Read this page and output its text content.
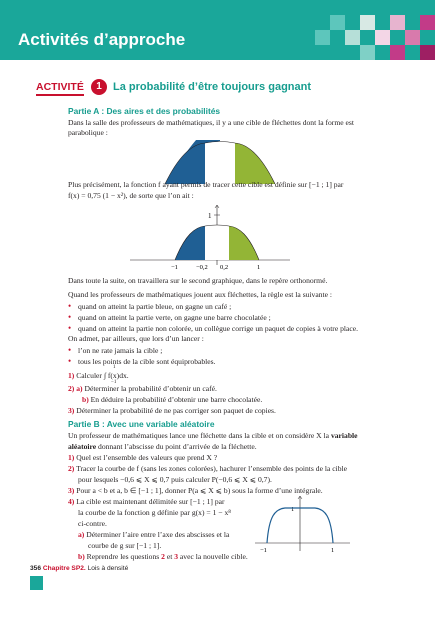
Activités d’approche
ACTIVITÉ	1	La probabilité d’être toujours gagnant
Partie A : Des aires et des probabilités
Dans la salle des professeurs de mathématiques, il y a une cible de fléchettes dont la forme est
parabolique :
Plus précisément, la fonction f ayant permis de tracer cette cible est définie sur [−1 ; 1] par
f(x) = 0,75 (1 − x²), de sorte que l’on ait :
1
−1	−0,2 0,2	1
Dans toute la suite, on travaillera sur le second graphique, dans le repère orthonormé.
Quand les professeurs de mathématiques jouent aux fléchettes, la règle est la suivante :
• quand on atteint la partie bleue, on gagne un café ;
• quand on atteint la partie verte, on gagne une barre chocolatée ;
• quand on atteint la partie non colorée, un collègue corrige un paquet de copies à votre place.
On admet, par ailleurs, que lors d’un lancer :
• l’on ne rate jamais la cible ;
• tous les points de la cible sont équiprobables.
1) Calculer ∫ f(x)dx.
1
−1
2) a) Déterminer la probabilité d’obtenir un café.
b) En déduire la probabilité d’obtenir une barre chocolatée.
3) Déterminer la probabilité de ne pas corriger son paquet de copies.
Partie B : Avec une variable aléatoire
Un professeur de mathématiques lance une fléchette dans la cible et on considère X la variable
aléatoire donnant l’abscisse du point d’arrivée de la fléchette.
1) Quel est l’ensemble des valeurs que prend X ?
2) Tracer la courbe de f (sans les zones colorées), hachurer l’ensemble des points de la cible
pour lesquels −0,6 ⩽ X ⩽ 0,7 puis calculer P(−0,6 ⩽ X ⩽ 0,7).
3) Pour a < b et a, b ∈ [−1 ; 1], donner P(a ⩽ X ⩽ b) sous la forme d’une intégrale.
4) La cible est maintenant délimitée sur [−1 ; 1] par
la courbe de la fonction g définie par g(x) = 1 − x⁸
ci-contre.
a) Déterminer l’aire entre l’axe des abscisses et la
courbe de g sur [−1 ; 1].
b) Reprendre les questions 2 et 3 avec la nouvelle cible.
1
−1	1
356 Chapitre SP2. Lois à densité
